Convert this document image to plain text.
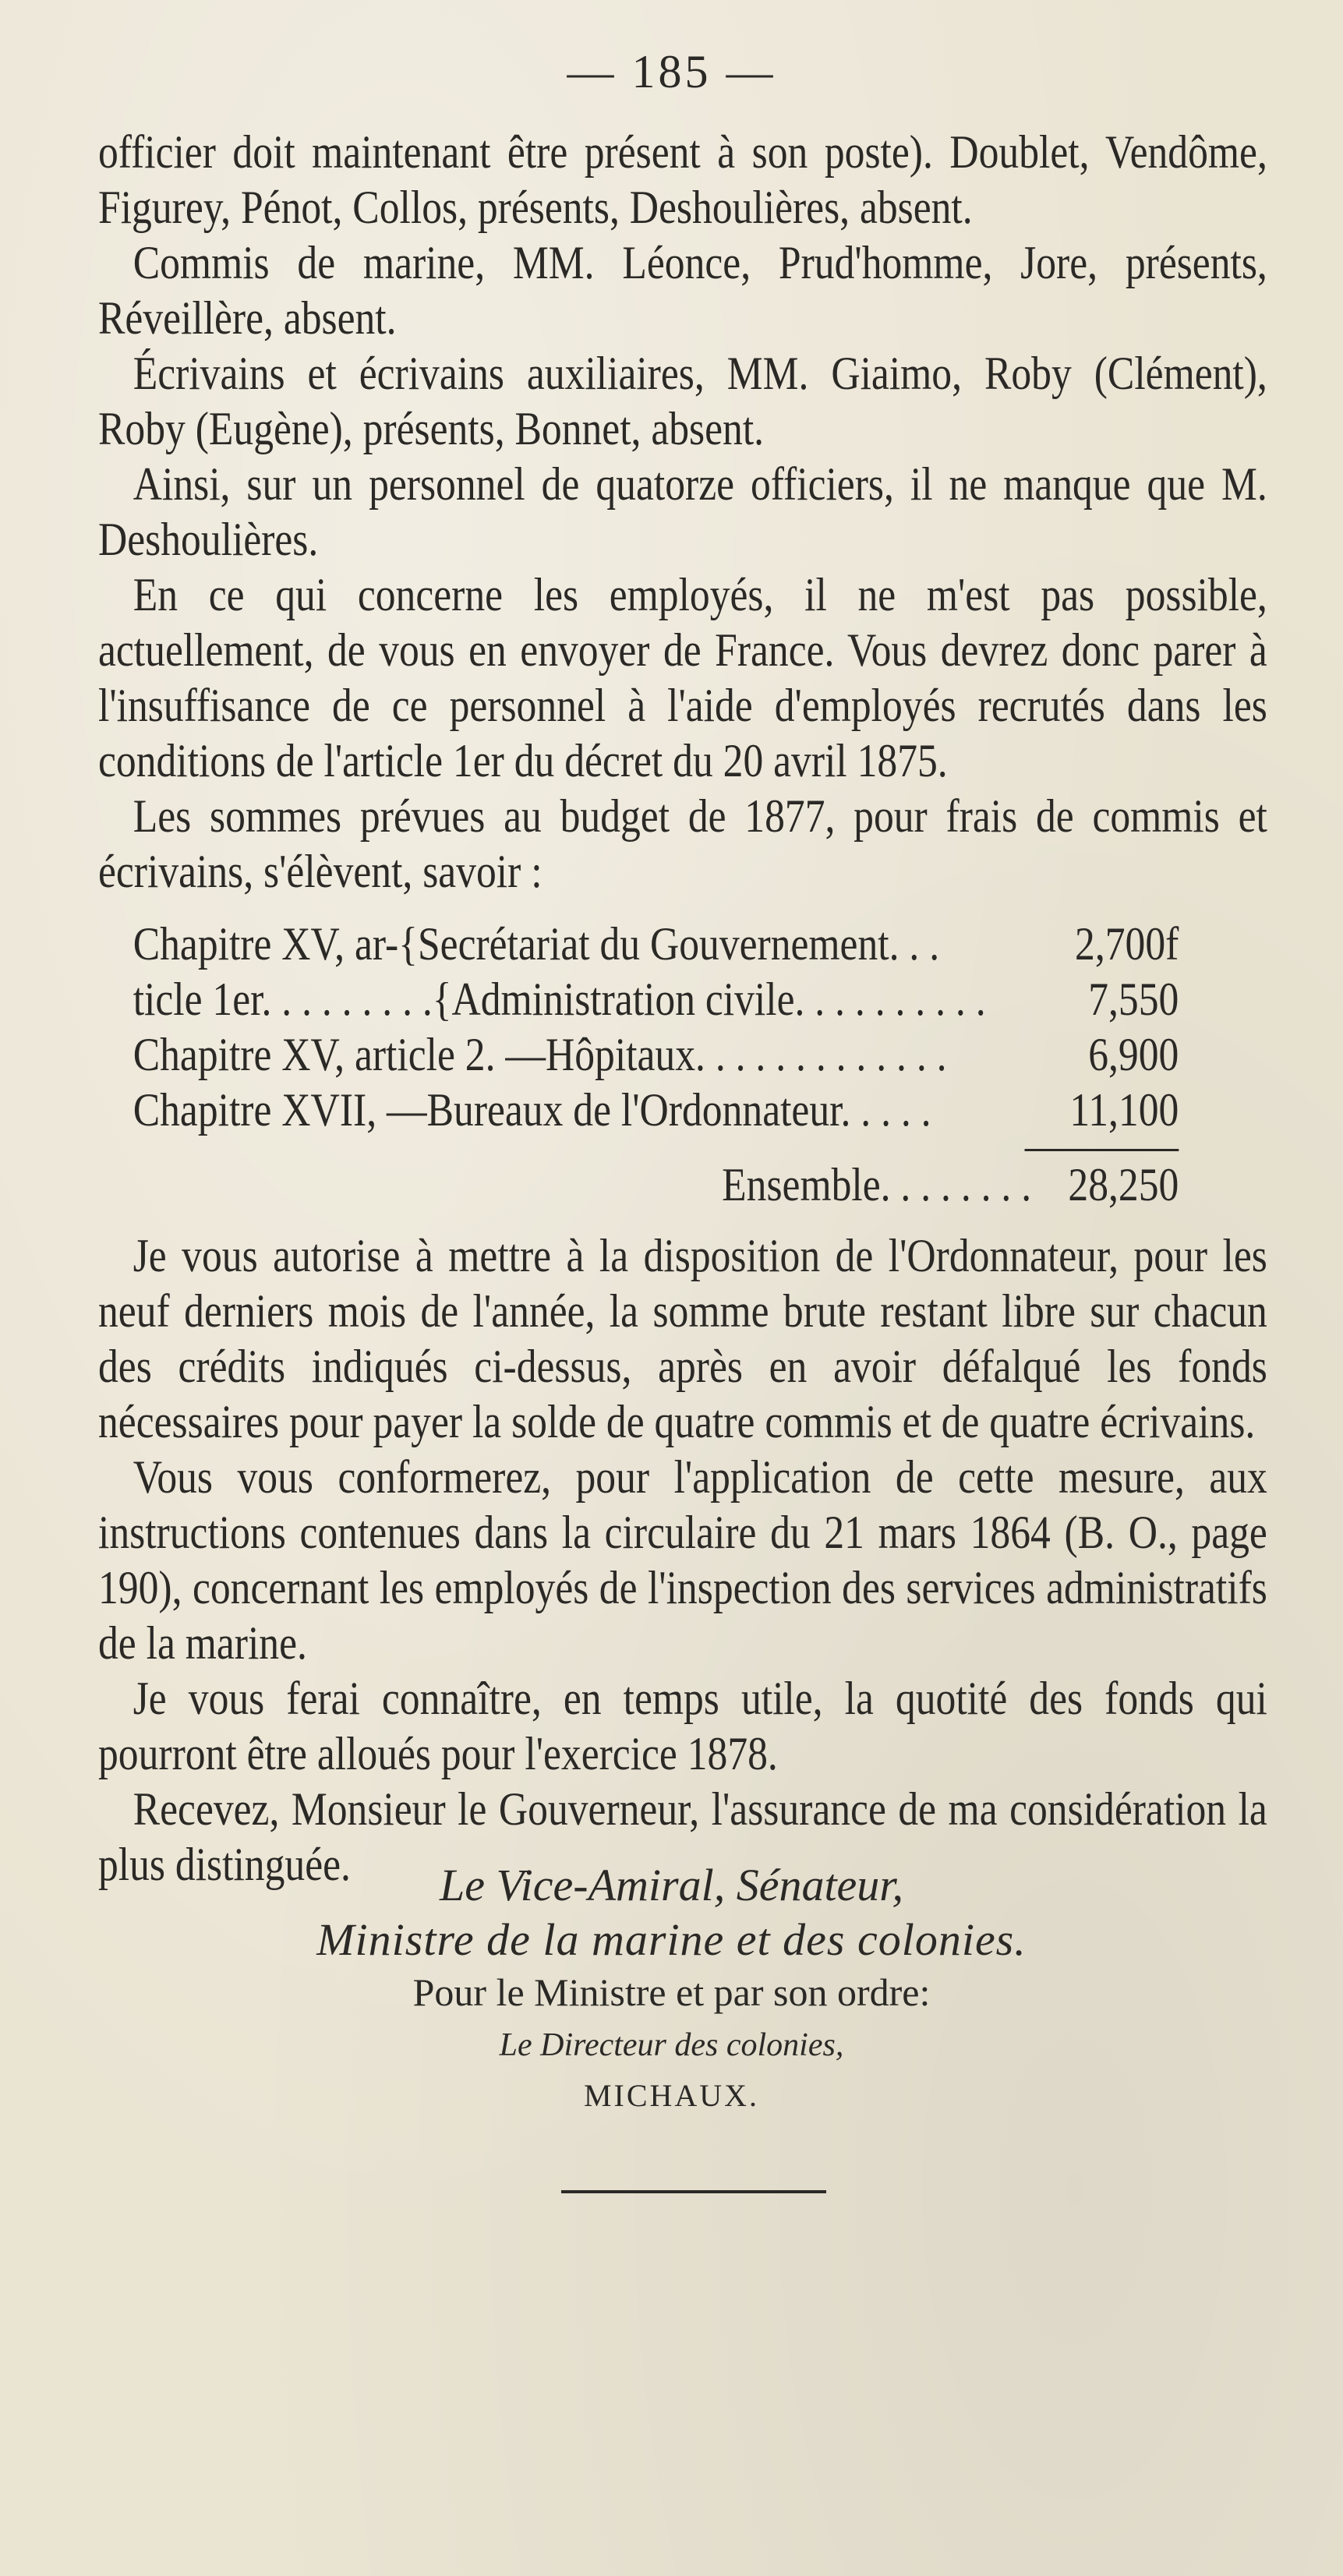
— 185 —

officier doit maintenant être présent à son poste). Doublet, Vendôme, Figurey, Pénot, Collos, présents, Deshoulières, absent.

Commis de marine, MM. Léonce, Prud'homme, Jore, présents, Réveillère, absent.

Écrivains et écrivains auxiliaires, MM. Giaimo, Roby (Clément), Roby (Eugène), présents, Bonnet, absent.

Ainsi, sur un personnel de quatorze officiers, il ne manque que M. Deshoulières.

En ce qui concerne les employés, il ne m'est pas possible, actuellement, de vous en envoyer de France. Vous devrez donc parer à l'insuffisance de ce personnel à l'aide d'employés recrutés dans les conditions de l'article 1er du décret du 20 avril 1875.

Les sommes prévues au budget de 1877, pour frais de commis et écrivains, s'élèvent, savoir :

Chapitre XV, ar-{ Secrétariat du Gouvernement. . .	2,700f
ticle 1er. . . . . . . . .{ Administration civile. . . . . . . . . .	7,550
Chapitre XV, article 2. — Hôpitaux. . . . . . . . . . . . .	6,900
Chapitre XVII, — Bureaux de l'Ordonnateur. . . . .	11,100
Ensemble. . . . . . . . 28,250

Je vous autorise à mettre à la disposition de l'Ordonnateur, pour les neuf derniers mois de l'année, la somme brute restant libre sur chacun des crédits indiqués ci-dessus, après en avoir défalqué les fonds nécessaires pour payer la solde de quatre commis et de quatre écrivains.

Vous vous conformerez, pour l'application de cette mesure, aux instructions contenues dans la circulaire du 21 mars 1864 (B. O., page 190), concernant les employés de l'inspection des services administratifs de la marine.

Je vous ferai connaître, en temps utile, la quotité des fonds qui pourront être alloués pour l'exercice 1878.

Recevez, Monsieur le Gouverneur, l'assurance de ma considération la plus distinguée.	Le Vice-Amiral, Sénateur,
Ministre de la marine et des colonies.
Pour le Ministre et par son ordre:
Le Directeur des colonies,
MICHAUX.
